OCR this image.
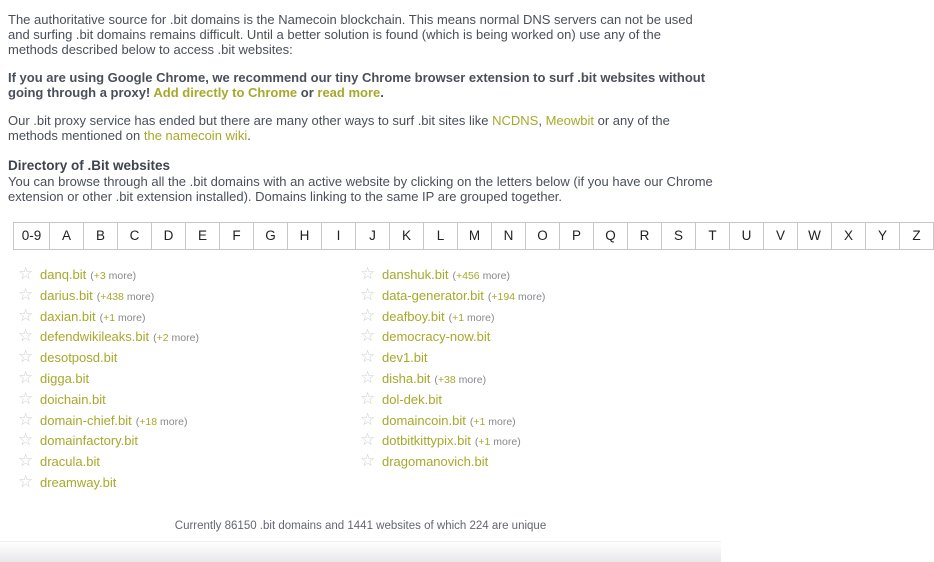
The authoritative source for .bit domains is the Namecoin blockchain. This means normal DNS servers can not be used and surfing .bit domains remains difficult. Until a better solution is found (which is being worked on) use any of the methods described below to access .bit websites:

If you are using Google Chrome, we recommend our tiny Chrome browser extension to surf .bit websites without going through a proxy! Add directly to Chrome or read more.

Our .bit proxy service has ended but there are many other ways to surf .bit sites like NCDNS, Meowbit or any of the methods mentioned on the namecoin wiki.

Directory of .Bit websites

You can browse through all the .bit domains with an active website by clicking on the letters below (if you have our Chrome extension or other .bit extension installed). Domains linking to the same IP are grouped together.

0-9	A	B	C	D	E	F	G	H	I	J	K	L	M	N	O	P	Q	R	S	T	U	V	W	X	Y	Z
☆ danq.bit (+3 more)
☆ darius.bit (+438 more)
☆ daxian.bit (+1 more)
☆ defendwikileaks.bit (+2 more)
☆ desotposd.bit
☆ digga.bit
☆ doichain.bit
☆ domain-chief.bit (+18 more)
☆ domainfactory.bit
☆ dracula.bit
☆ dreamway.bit
☆ danshuk.bit (+456 more)
☆ data-generator.bit (+194 more)
☆ deafboy.bit (+1 more)
☆ democracy-now.bit
☆ dev1.bit
☆ disha.bit (+38 more)
☆ dol-dek.bit
☆ domaincoin.bit (+1 more)
☆ dotbitkittypix.bit (+1 more)
☆ dragomanovich.bit
Currently 86150 .bit domains and 1441 websites of which 224 are unique
